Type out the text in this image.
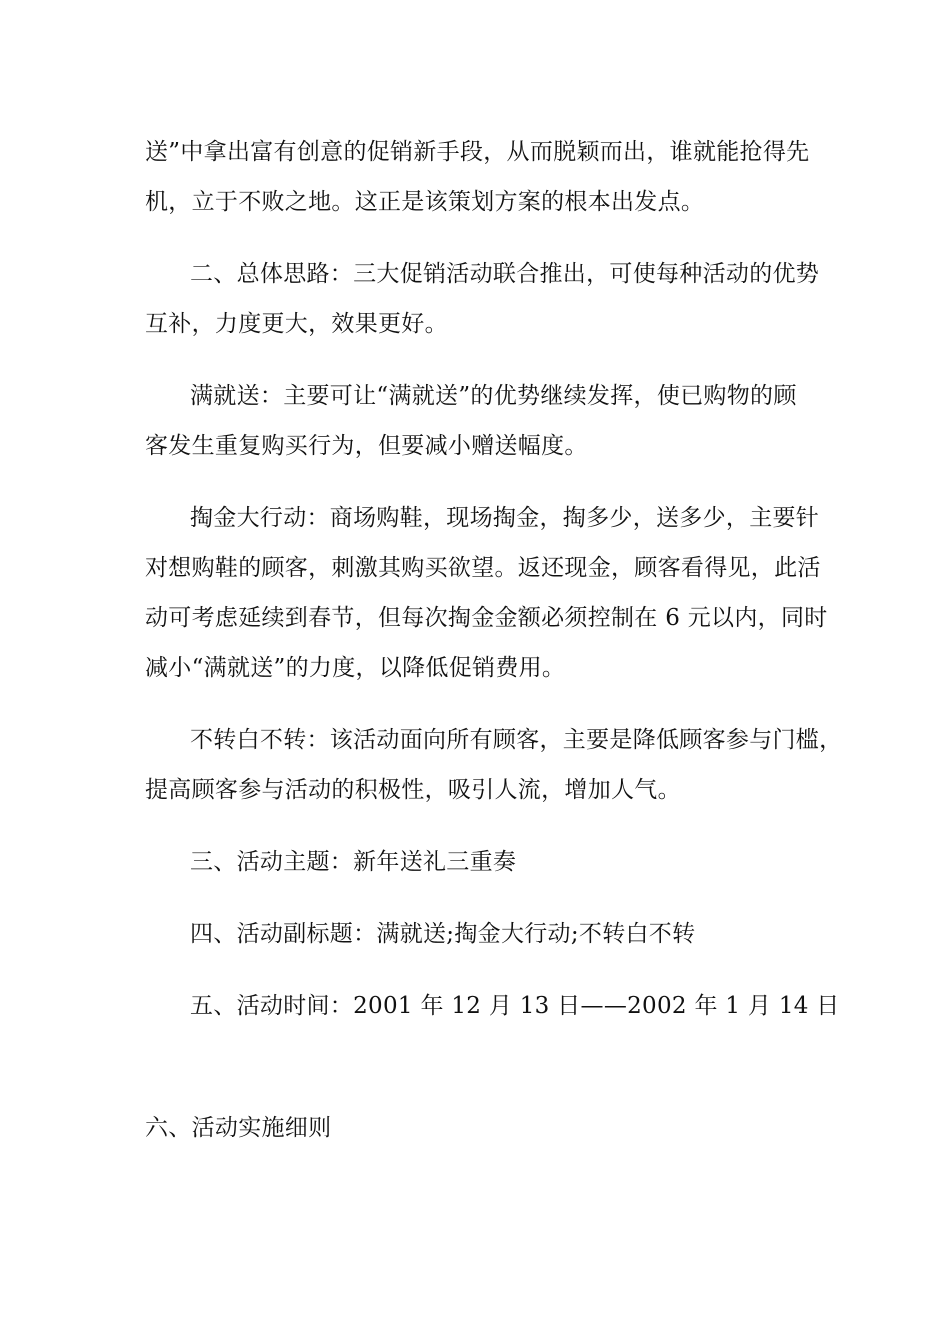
送”中拿出富有创意的促销新手段，从而脱颖而出，谁就能抢得先
机，立于不败之地。这正是该策划方案的根本出发点。
二、总体思路：三大促销活动联合推出，可使每种活动的优势
互补，力度更大，效果更好。
满就送：主要可让“满就送”的优势继续发挥，使已购物的顾
客发生重复购买行为，但要减小赠送幅度。
掏金大行动：商场购鞋，现场掏金，掏多少，送多少，主要针
对想购鞋的顾客，刺激其购买欲望。返还现金，顾客看得见，此活
动可考虑延续到春节，但每次掏金金额必须控制在 6 元以内，同时
减小“满就送”的力度，以降低促销费用。
不转白不转：该活动面向所有顾客，主要是降低顾客参与门槛，
提高顾客参与活动的积极性，吸引人流，增加人气。
三、活动主题：新年送礼三重奏
四、活动副标题：满就送;掏金大行动;不转白不转
五、活动时间：2001 年 12 月 13 日——2002 年 1 月 14 日
六、活动实施细则
